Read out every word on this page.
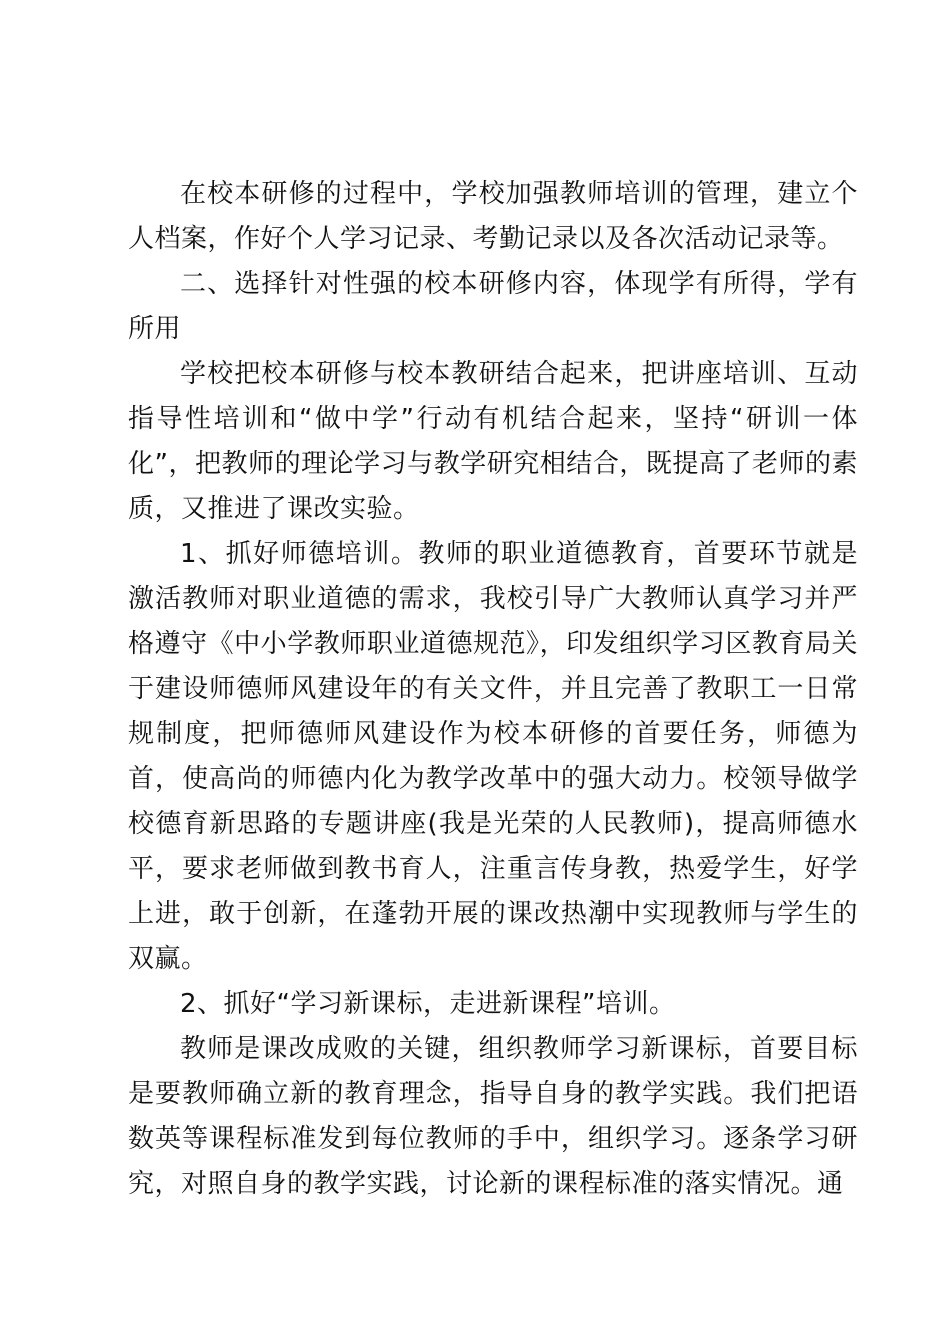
在校本研修的过程中，学校加强教师培训的管理，建立个人档案，作好个人学习记录、考勤记录以及各次活动记录等。

二、选择针对性强的校本研修内容，体现学有所得，学有所用

学校把校本研修与校本教研结合起来，把讲座培训、互动指导性培训和“做中学”行动有机结合起来，坚持“研训一体化”，把教师的理论学习与教学研究相结合，既提高了老师的素质，又推进了课改实验。

1、抓好师德培训。教师的职业道德教育，首要环节就是激活教师对职业道德的需求，我校引导广大教师认真学习并严格遵守《中小学教师职业道德规范》，印发组织学习区教育局关于建设师德师风建设年的有关文件，并且完善了教职工一日常规制度，把师德师风建设作为校本研修的首要任务，师德为首，使高尚的师德内化为教学改革中的强大动力。校领导做学校德育新思路的专题讲座(我是光荣的人民教师)，提高师德水平，要求老师做到教书育人，注重言传身教，热爱学生，好学上进，敢于创新，在蓬勃开展的课改热潮中实现教师与学生的双赢。

2、抓好“学习新课标，走进新课程”培训。

教师是课改成败的关键，组织教师学习新课标，首要目标是要教师确立新的教育理念，指导自身的教学实践。我们把语数英等课程标准发到每位教师的手中，组织学习。逐条学习研究，对照自身的教学实践，讨论新的课程标准的落实情况。通
